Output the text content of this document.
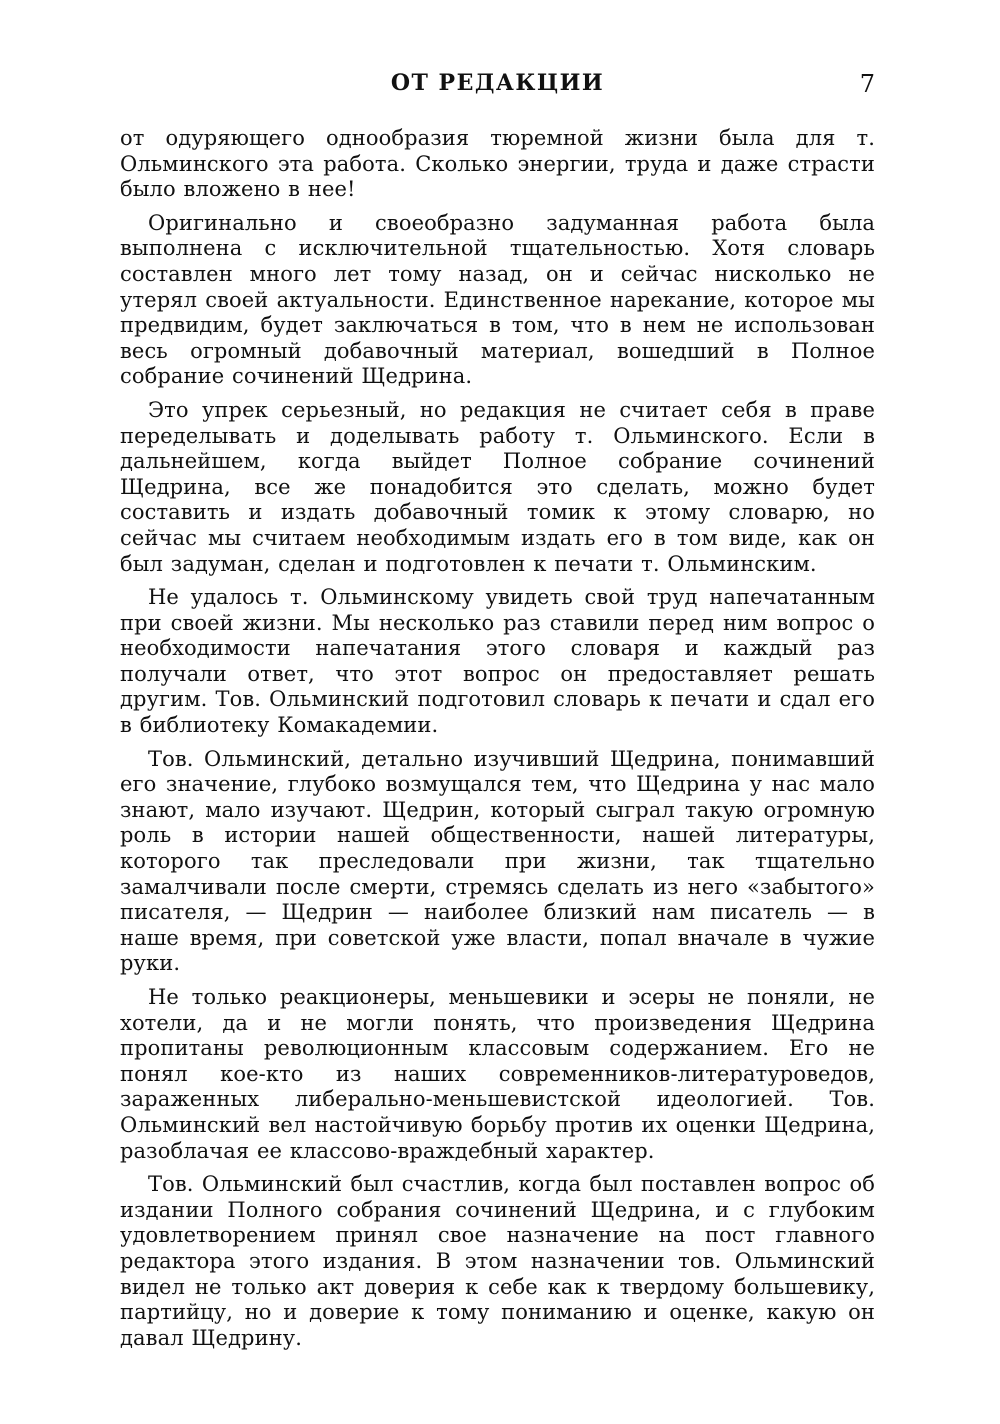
ОТ РЕДАКЦИИ	7

от одуряющего однообразия тюремной жизни была для т. Ольминского эта работа. Сколько энергии, труда и даже страсти было вложено в нее!

Оригинально и своеобразно задуманная работа была выполнена с исключительной тщательностью. Хотя словарь составлен много лет тому назад, он и сейчас нисколько не утерял своей актуальности. Единственное нарекание, которое мы предвидим, будет заключаться в том, что в нем не использован весь огромный добавочный материал, вошедший в Полное собрание сочинений Щедрина.

Это упрек серьезный, но редакция не считает себя в праве переделывать и доделывать работу т. Ольминского. Если в дальнейшем, когда выйдет Полное собрание сочинений Щедрина, все же понадобится это сделать, можно будет составить и издать добавочный томик к этому словарю, но сейчас мы считаем необходимым издать его в том виде, как он был задуман, сделан и подготовлен к печати т. Ольминским.

Не удалось т. Ольминскому увидеть свой труд напечатанным при своей жизни. Мы несколько раз ставили перед ним вопрос о необходимости напечатания этого словаря и каждый раз получали ответ, что этот вопрос он предоставляет решать другим. Тов. Ольминский подготовил словарь к печати и сдал его в библиотеку Комакадемии.

Тов. Ольминский, детально изучивший Щедрина, понимавший его значение, глубоко возмущался тем, что Щедрина у нас мало знают, мало изучают. Щедрин, который сыграл такую огромную роль в истории нашей общественности, нашей литературы, которого так преследовали при жизни, так тщательно замалчивали после смерти, стремясь сделать из него «забытого» писателя, — Щедрин — наиболее близкий нам писатель — в наше время, при советской уже власти, попал вначале в чужие руки.

Не только реакционеры, меньшевики и эсеры не поняли, не хотели, да и не могли понять, что произведения Щедрина пропитаны революционным классовым содержанием. Его не понял кое-кто из наших современников-литературоведов, зараженных либерально-меньшевистской идеологией. Тов. Ольминский вел настойчивую борьбу против их оценки Щедрина, разоблачая ее классово-враждебный характер.

Тов. Ольминский был счастлив, когда был поставлен вопрос об издании Полного собрания сочинений Щедрина, и с глубоким удовлетворением принял свое назначение на пост главного редактора этого издания. В этом назначении тов. Ольминский видел не только акт доверия к себе как к твердому большевику, партийцу, но и доверие к тому пониманию и оценке, какую он давал Щедрину.
